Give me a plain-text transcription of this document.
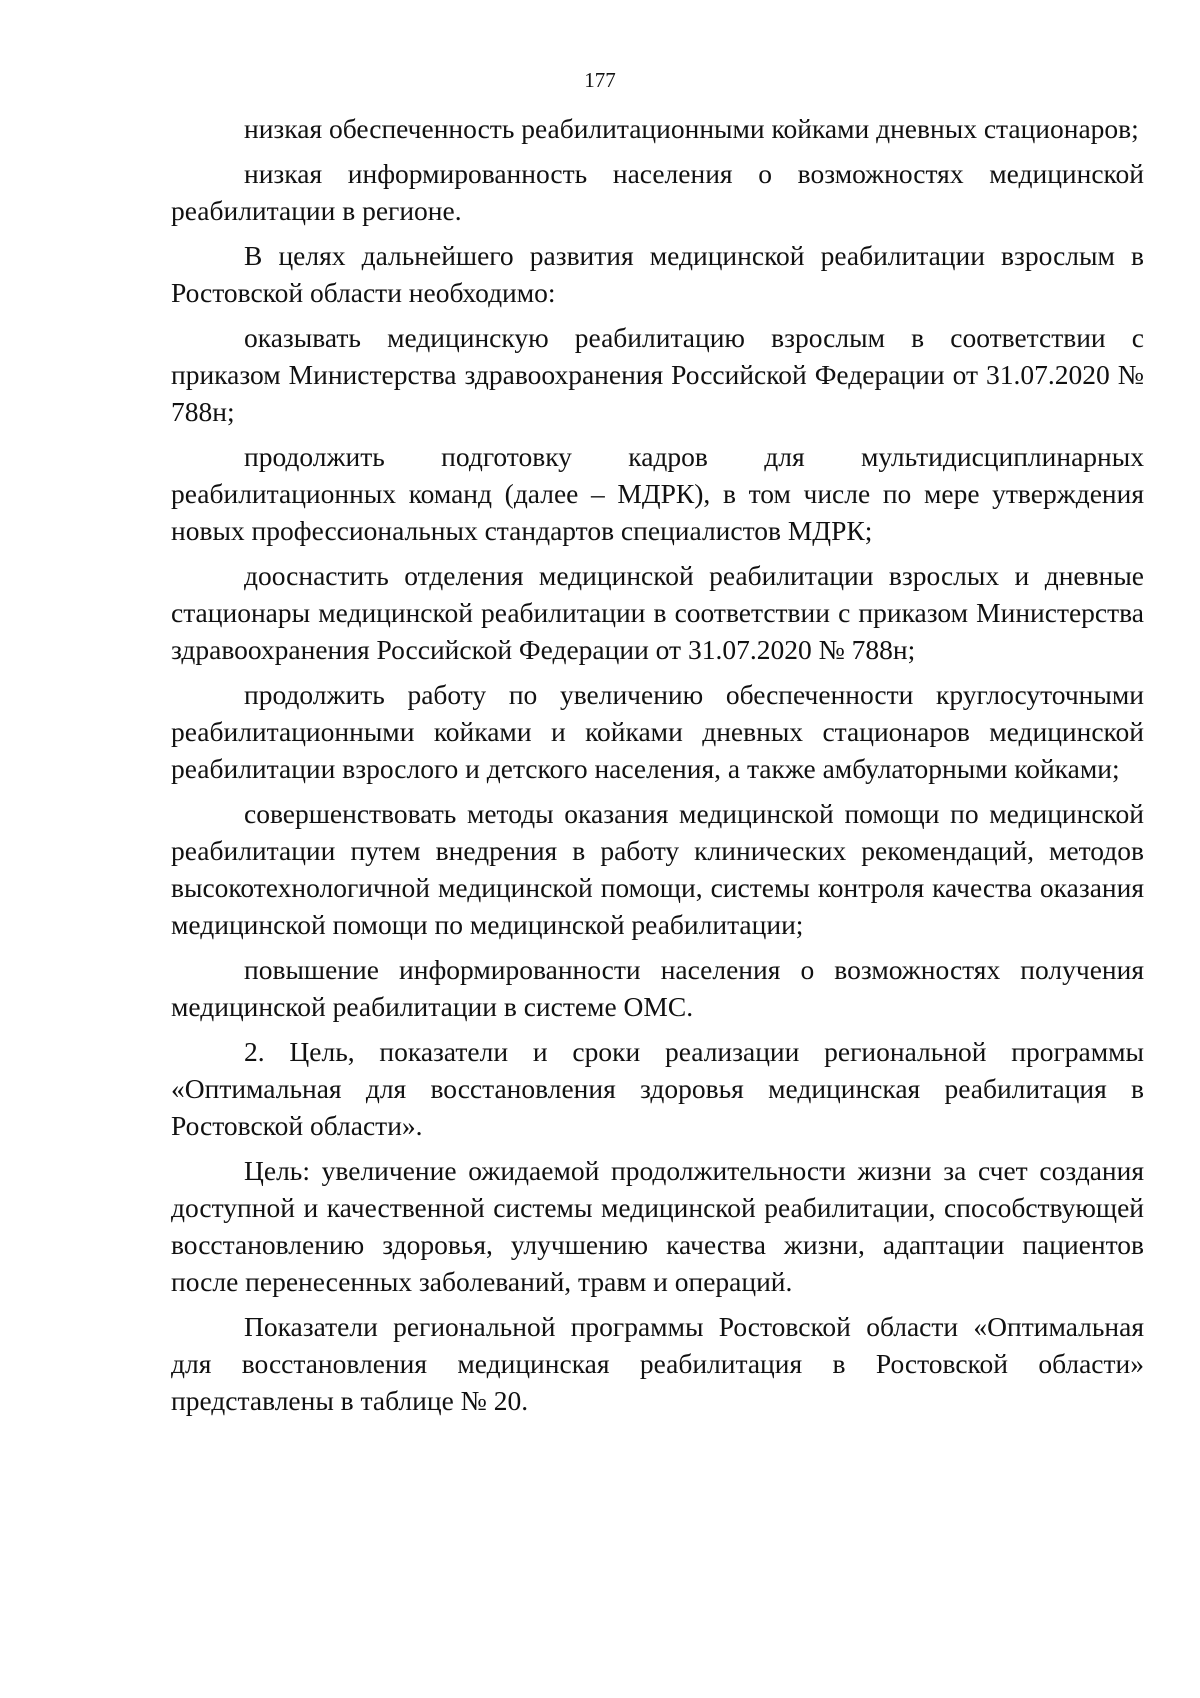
177

низкая обеспеченность реабилитационными койками дневных стационаров;

низкая информированность населения о возможностях медицинской реабилитации в регионе.

В целях дальнейшего развития медицинской реабилитации взрослым в Ростовской области необходимо:

оказывать медицинскую реабилитацию взрослым в соответствии с приказом Министерства здравоохранения Российской Федерации от 31.07.2020 № 788н;

продолжить подготовку кадров для мультидисциплинарных реабилитационных команд (далее – МДРК), в том числе по мере утверждения новых профессиональных стандартов специалистов МДРК;

дооснастить отделения медицинской реабилитации взрослых и дневные стационары медицинской реабилитации в соответствии с приказом Министерства здравоохранения Российской Федерации от 31.07.2020 № 788н;

продолжить работу по увеличению обеспеченности круглосуточными реабилитационными койками и койками дневных стационаров медицинской реабилитации взрослого и детского населения, а также амбулаторными койками;

совершенствовать методы оказания медицинской помощи по медицинской реабилитации путем внедрения в работу клинических рекомендаций, методов высокотехнологичной медицинской помощи, системы контроля качества оказания медицинской помощи по медицинской реабилитации;

повышение информированности населения о возможностях получения медицинской реабилитации в системе ОМС.

2. Цель, показатели и сроки реализации региональной программы «Оптимальная для восстановления здоровья медицинская реабилитация в Ростовской области».

Цель: увеличение ожидаемой продолжительности жизни за счет создания доступной и качественной системы медицинской реабилитации, способствующей восстановлению здоровья, улучшению качества жизни, адаптации пациентов после перенесенных заболеваний, травм и операций.

Показатели региональной программы Ростовской области «Оптимальная для восстановления медицинская реабилитация в Ростовской области» представлены в таблице № 20.
